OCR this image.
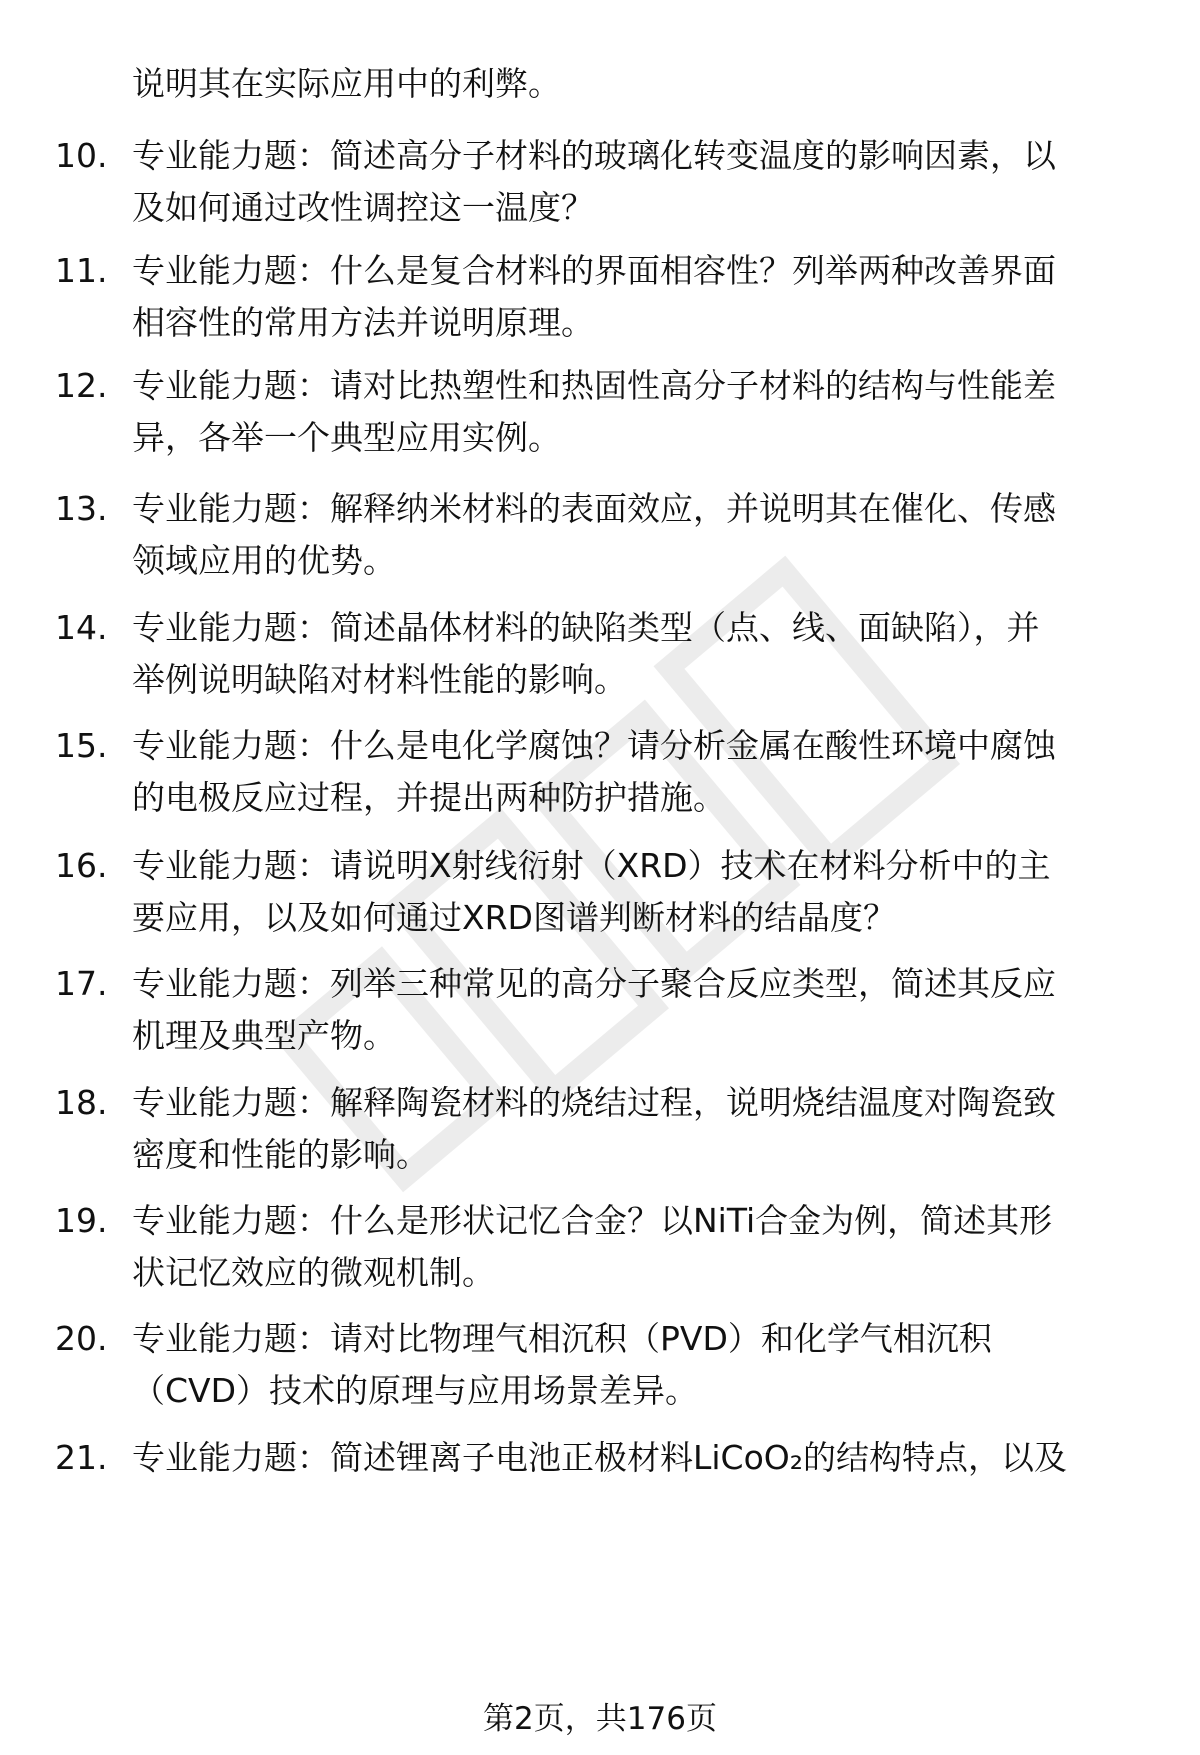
说明其在实际应用中的利弊。
10. 专业能力题：简述高分子材料的玻璃化转变温度的影响因素，以
及如何通过改性调控这一温度？
11. 专业能力题：什么是复合材料的界面相容性？列举两种改善界面
相容性的常用方法并说明原理。
12. 专业能力题：请对比热塑性和热固性高分子材料的结构与性能差
异，各举一个典型应用实例。
13. 专业能力题：解释纳米材料的表面效应，并说明其在催化、传感
领域应用的优势。
14. 专业能力题：简述晶体材料的缺陷类型（点、线、面缺陷），并
举例说明缺陷对材料性能的影响。
15. 专业能力题：什么是电化学腐蚀？请分析金属在酸性环境中腐蚀
的电极反应过程，并提出两种防护措施。
16. 专业能力题：请说明X射线衍射（XRD）技术在材料分析中的主
要应用，以及如何通过XRD图谱判断材料的结晶度？
17. 专业能力题：列举三种常见的高分子聚合反应类型，简述其反应
机理及典型产物。
18. 专业能力题：解释陶瓷材料的烧结过程，说明烧结温度对陶瓷致
密度和性能的影响。
19. 专业能力题：什么是形状记忆合金？以NiTi合金为例，简述其形
状记忆效应的微观机制。
20. 专业能力题：请对比物理气相沉积（PVD）和化学气相沉积
（CVD）技术的原理与应用场景差异。
21. 专业能力题：简述锂离子电池正极材料LiCoO₂的结构特点，以及
第2页，共176页
